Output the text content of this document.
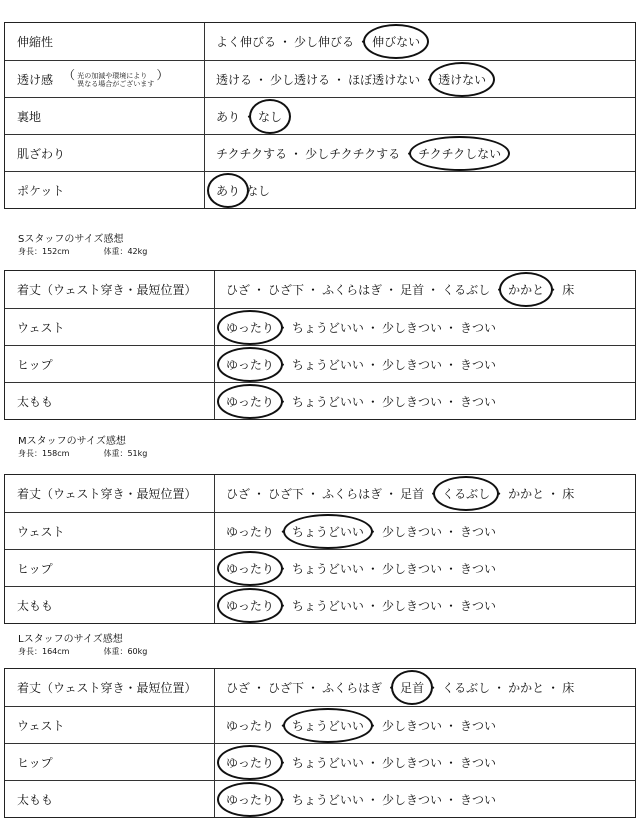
伸縮性	よく伸びる ・ 少し伸びる ・ 伸びない
透け感 （ 光の加減や環境により
異なる場合がございます ）	透ける ・ 少し透ける ・ ほぼ透けない ・ 透けない
裏地	あり ・ なし
肌ざわり	チクチクする ・ 少しチクチクする ・ チクチクしない
ポケット	あり なし
Sスタッフのサイズ感想
身長：152cm	体重：42kg
着丈（ウェスト穿き・最短位置）	ひざ ・ ひざ下 ・ ふくらはぎ ・ 足首 ・ くるぶし ・ かかと ・ 床
ウェスト	ゆったり ・ ちょうどいい ・ 少しきつい ・ きつい
ヒップ	ゆったり ・ ちょうどいい ・ 少しきつい ・ きつい
太もも	ゆったり ・ ちょうどいい ・ 少しきつい ・ きつい
Mスタッフのサイズ感想
身長：158cm	体重：51kg
着丈（ウェスト穿き・最短位置）	ひざ ・ ひざ下 ・ ふくらはぎ ・ 足首 ・ くるぶし ・ かかと ・ 床
ウェスト	ゆったり ・ ちょうどいい ・ 少しきつい ・ きつい
ヒップ	ゆったり ・ ちょうどいい ・ 少しきつい ・ きつい
太もも	ゆったり ・ ちょうどいい ・ 少しきつい ・ きつい
Lスタッフのサイズ感想
身長：164cm	体重：60kg
着丈（ウェスト穿き・最短位置）	ひざ ・ ひざ下 ・ ふくらはぎ ・ 足首 ・ くるぶし ・ かかと ・ 床
ウェスト	ゆったり ・ ちょうどいい ・ 少しきつい ・ きつい
ヒップ	ゆったり ・ ちょうどいい ・ 少しきつい ・ きつい
太もも	ゆったり ・ ちょうどいい ・ 少しきつい ・ きつい
